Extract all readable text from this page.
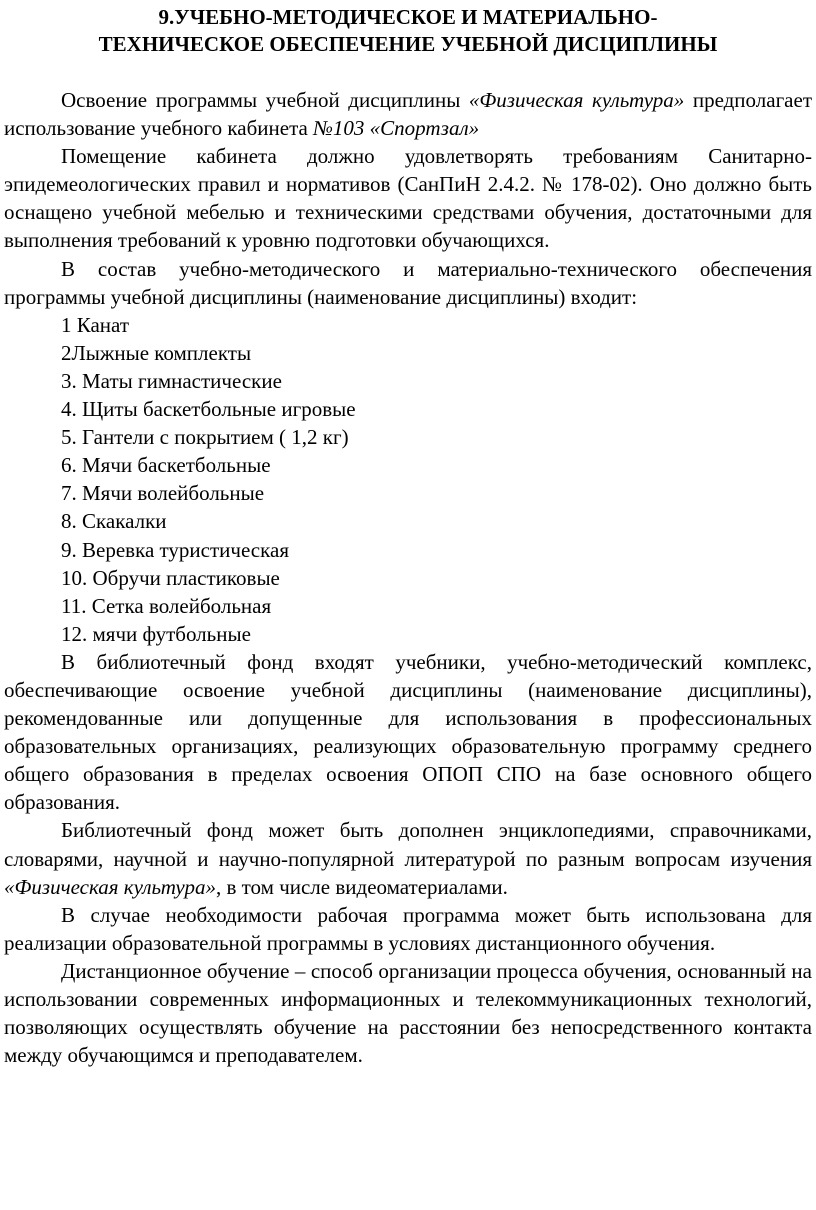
9.УЧЕБНО-МЕТОДИЧЕСКОЕ И МАТЕРИАЛЬНО-
ТЕХНИЧЕСКОЕ ОБЕСПЕЧЕНИЕ УЧЕБНОЙ ДИСЦИПЛИНЫ

Освоение программы учебной дисциплины «Физическая культура» предполагает использование учебного кабинета №103 «Спортзал»

Помещение кабинета должно удовлетворять требованиям Санитарно-эпидемеологических правил и нормативов (СанПиН 2.4.2. № 178-02). Оно должно быть оснащено учебной мебелью и техническими средствами обучения, достаточными для выполнения требований к уровню подготовки обучающихся.

В состав учебно-методического и материально-технического обеспечения программы учебной дисциплины (наименование дисциплины) входит:

1 Канат

2Лыжные комплекты

3. Маты гимнастические

4. Щиты баскетбольные игровые

5. Гантели с покрытием ( 1,2 кг)

6. Мячи баскетбольные

7. Мячи волейбольные

8. Скакалки

9. Веревка туристическая

10. Обручи пластиковые

11. Сетка волейбольная

12. мячи футбольные

В библиотечный фонд входят учебники, учебно-методический комплекс, обеспечивающие освоение учебной дисциплины (наименование дисциплины), рекомендованные или допущенные для использования в профессиональных образовательных организациях, реализующих образовательную программу среднего общего образования в пределах освоения ОПОП СПО на базе основного общего образования.

Библиотечный фонд может быть дополнен энциклопедиями, справочниками, словарями, научной и научно-популярной литературой по разным вопросам изучения «Физическая культура», в том числе видеоматериалами.

В случае необходимости рабочая программа может быть использована для реализации образовательной программы в условиях дистанционного обучения.

Дистанционное обучение – способ организации процесса обучения, основанный на использовании современных информационных и телекоммуникационных технологий, позволяющих осуществлять обучение на расстоянии без непосредственного контакта между обучающимся и преподавателем.
